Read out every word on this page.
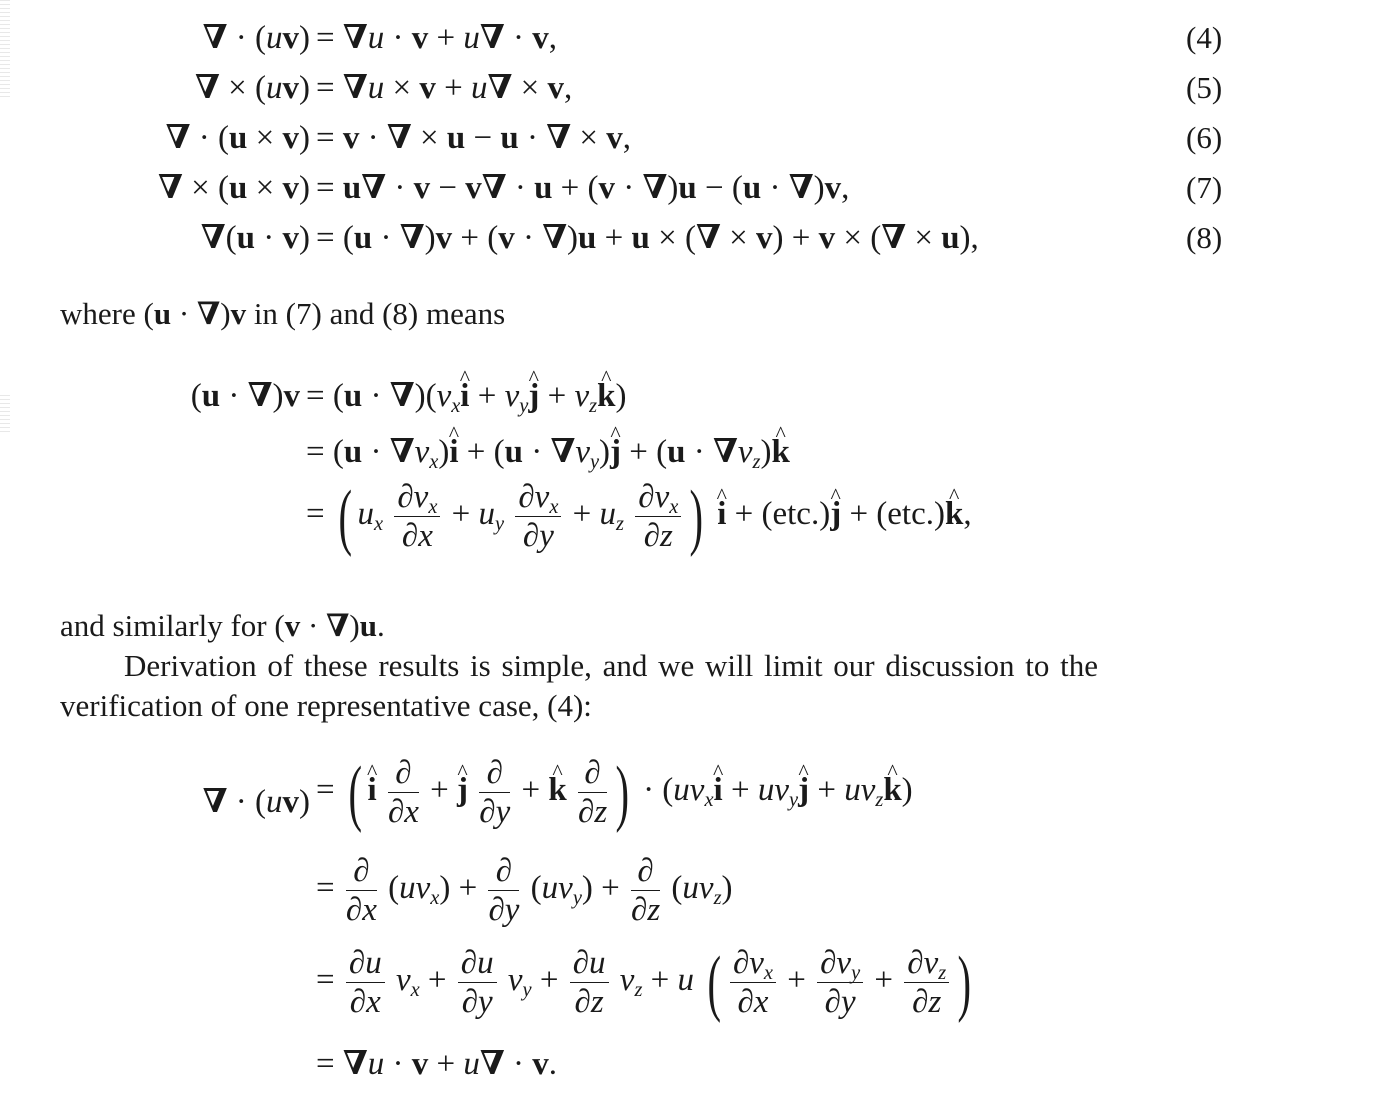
∇ · (uv) = ∇u · v + u∇ · v,	(4)
∇ × (uv) = ∇u × v + u∇ × v,	(5)
∇ · (u × v) = v · ∇ × u − u · ∇ × v,	(6)
∇ × (u × v) = u∇ · v − v∇ · u + (v · ∇)u − (u · ∇)v,	(7)
∇(u · v) = (u · ∇)v + (v · ∇)u + u × (∇ × v) + v × (∇ × u),	(8)
where (u · ∇)v in (7) and (8) means
$(u \cdot \nabla)v = (u \cdot \nabla)(v_xi$ ^ + $v_yj$ ^ + $v_zk$ ^)
= $(u \cdot \nabla v_x)i$ ^ + $(u \cdot \nabla v_y)j$ ^ + $(u \cdot \nabla v_z)k$ ^
= ( $u_x \frac{\partial v_x}{\partial x} + u_y \frac{\partial v_x}{\partial y} + u_z \frac{\partial v_x}{\partial z}$ ) i ^ + (etc.)j ^ + (etc.)k ^,
and similarly for (v · ∇)u.
Derivation of these results is simple, and we will limit our discussion to the
verification of one representative case, (4):
∇ · (uv) = ( i ^ $\frac{\partial}{\partial x} + j$ ^ $\frac{\partial}{\partial y} + k$ ^ $\frac{\partial}{\partial z}$ ) · ($uv_xi$ ^ + $uv_yj$ ^ + $uv_zk$ ^)
= $\frac{\partial}{\partial x} (uv_x) + \frac{\partial}{\partial y} (uv_y) + \frac{\partial}{\partial z} (uv_z)$
= $\frac{\partial u}{\partial x} v_x + \frac{\partial u}{\partial y} v_y + \frac{\partial u}{\partial z} v_z + u$ ( $\frac{\partial v_x}{\partial x} + \frac{\partial v_y}{\partial y} + \frac{\partial v_z}{\partial z}$ )
= ∇u · v + u∇ · v.
